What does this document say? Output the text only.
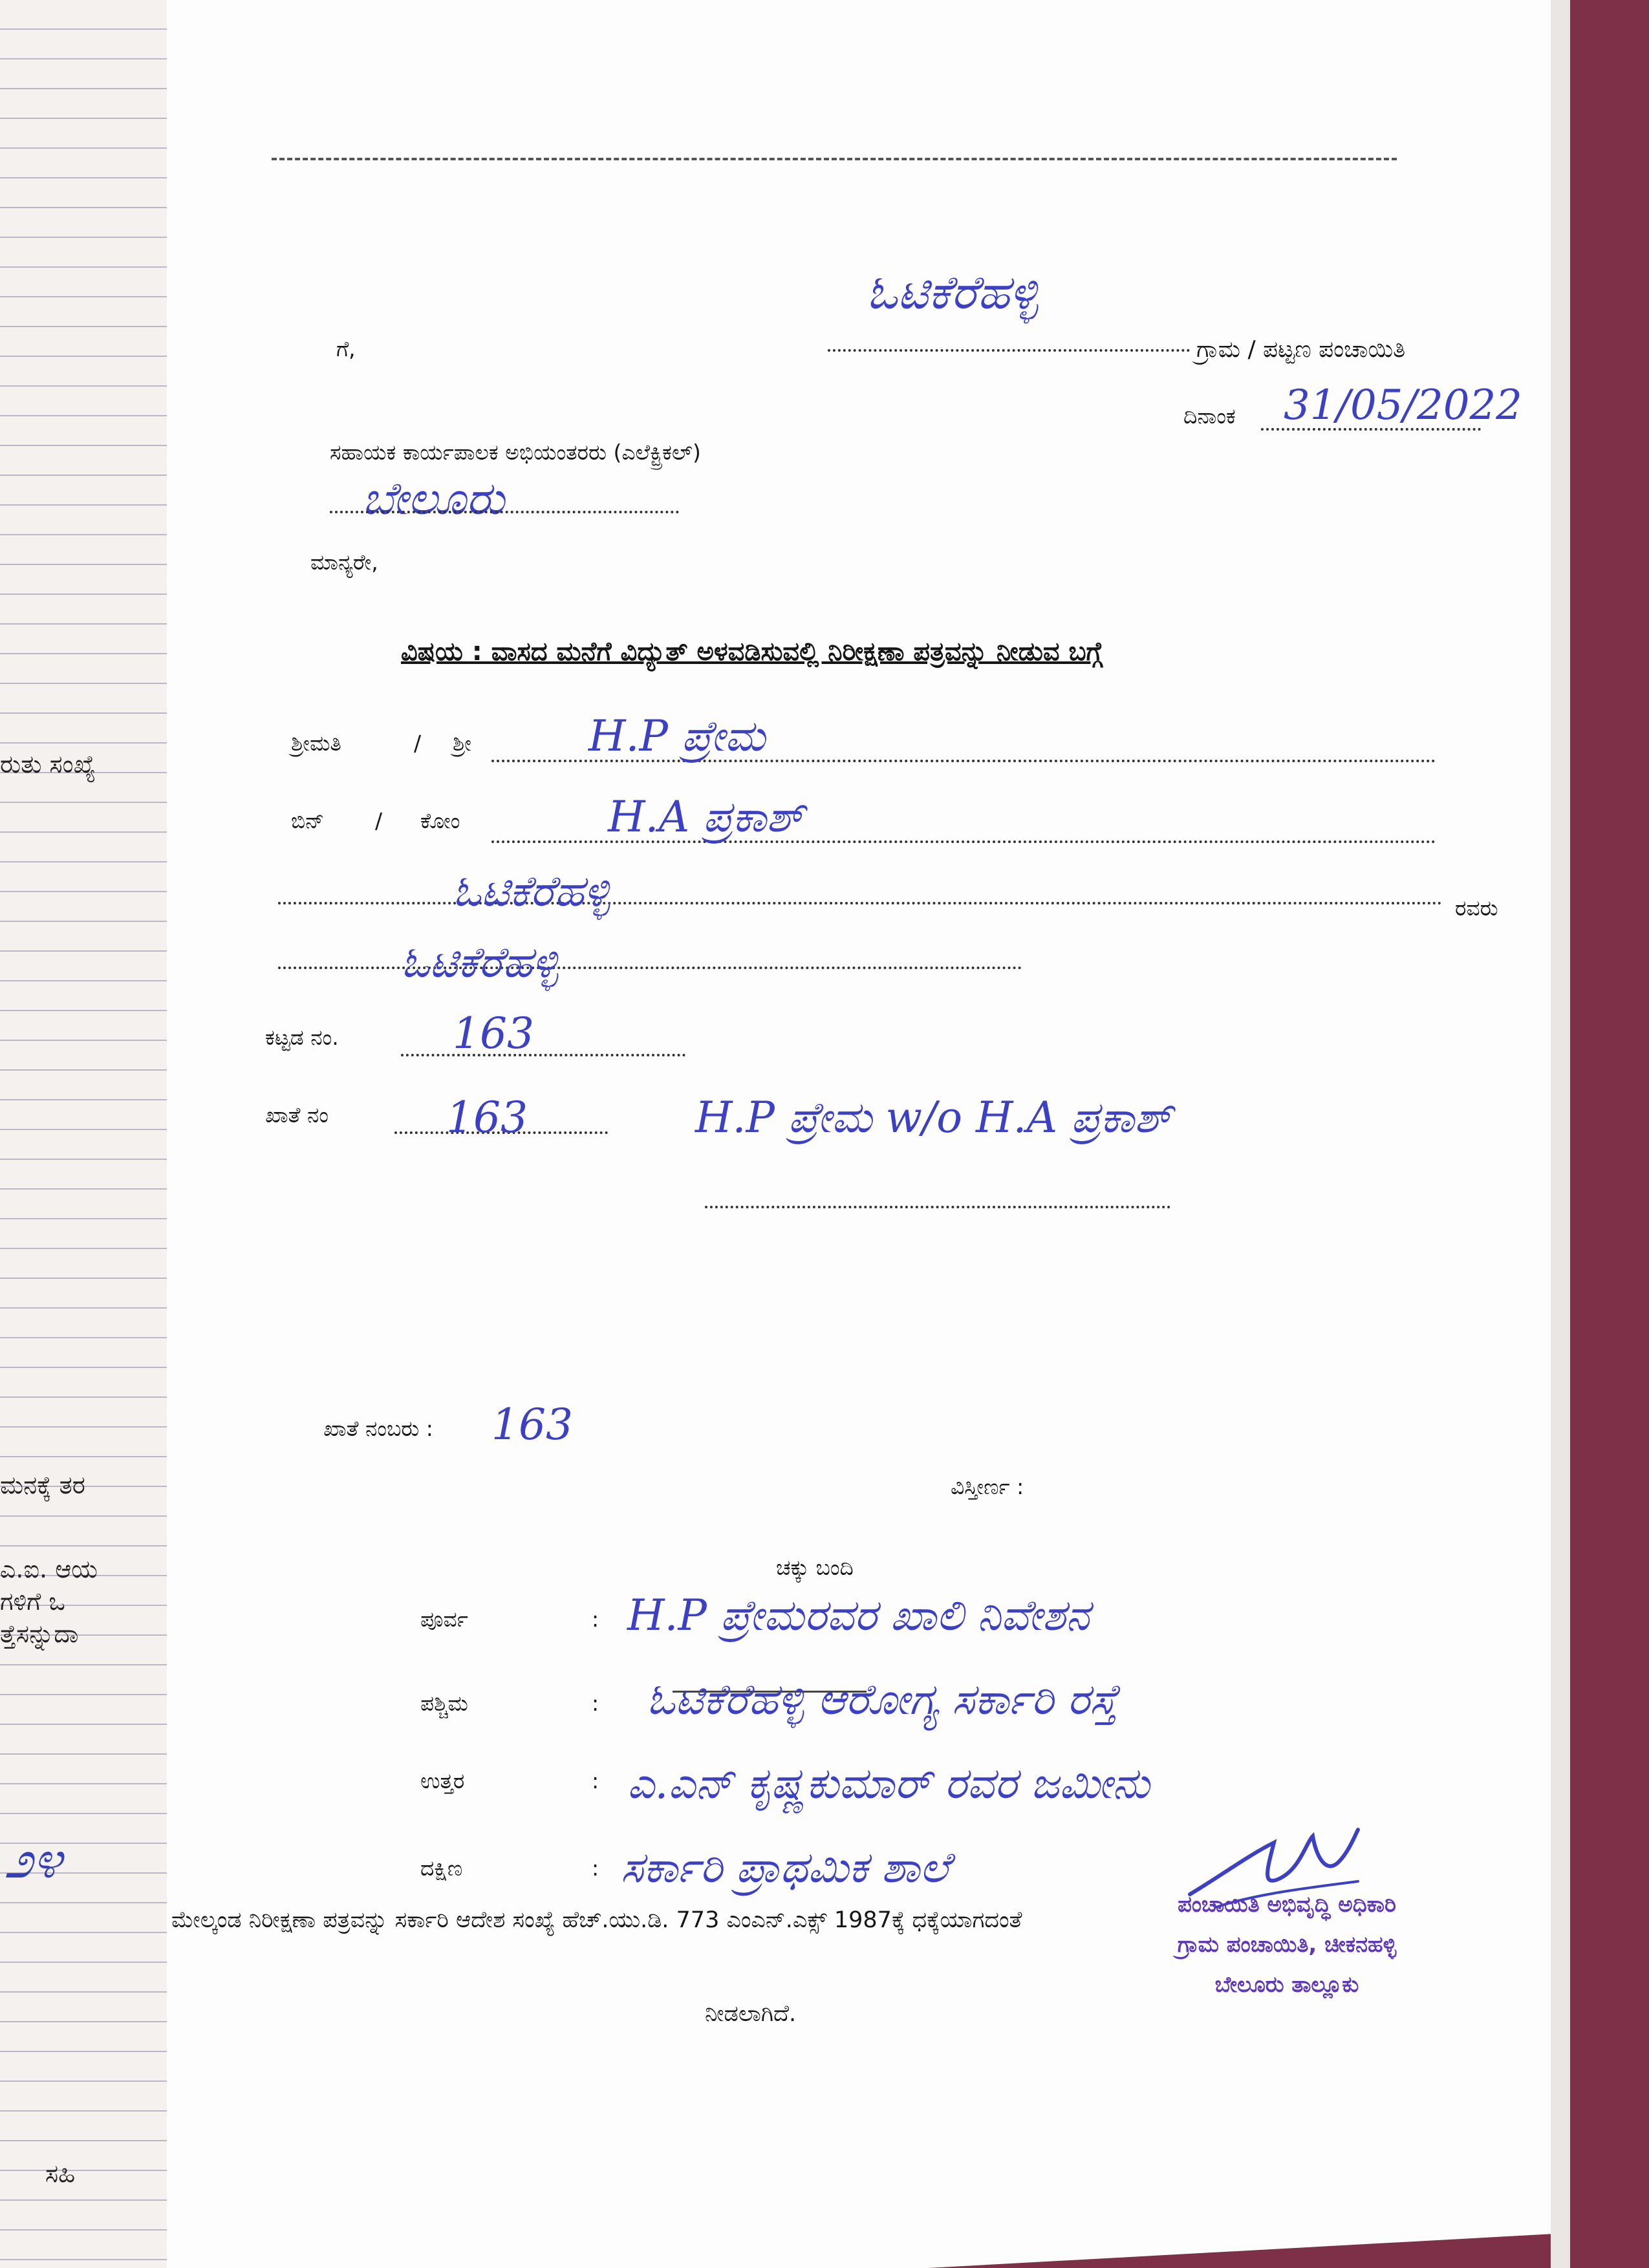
ರುತು ಸಂಖ್ಯೆ
ಮನಕ್ಕೆ ತರ
ಎ.ಐ. ಆಯ
ಗಳಿಗೆ ಒ
ತ್ತೆಸನ್ನುದಾ
೨೪
ಸಹಿ
ಓಟಿಕೆರೆಹಳ್ಳಿ
ಗ್ರಾಮ / ಪಟ್ಟಣ ಪಂಚಾಯಿತಿ
ಗೆ,
ದಿನಾಂಕ 31/05/2022
ಸಹಾಯಕ ಕಾರ್ಯಪಾಲಕ ಅಭಿಯಂತರರು (ಎಲೆಕ್ಟ್ರಿಕಲ್)
ಬೇಲೂರು
ಮಾನ್ಯರೇ,
ವಿಷಯ : ವಾಸದ ಮನೆಗೆ ವಿದ್ಯುತ್ ಅಳವಡಿಸುವಲ್ಲಿ ನಿರೀಕ್ಷಣಾ ಪತ್ರವನ್ನು ನೀಡುವ ಬಗ್ಗೆ
ಶ್ರೀಮತಿ	/ ಶ್ರೀ	H.P ಪ್ರೇಮ
ಬಿನ್ / ಕೋಂ	H.A ಪ್ರಕಾಶ್
ಓಟಿಕೆರೆಹಳ್ಳಿ	ರವರು
ಓಟಿಕೆರೆಹಳ್ಳಿ
ಕಟ್ಟಡ ನಂ.	163
ಖಾತೆ ನಂ	163	H.P ಪ್ರೇಮ w/o H.A ಪ್ರಕಾಶ್
ಖಾತೆ ನಂಬರು : 163
ವಿಸ್ತೀರ್ಣ :
ಚಕ್ಕು ಬಂದಿ
ಪೂರ್ವ	: H.P ಪ್ರೇಮರವರ ಖಾಲಿ ನಿವೇಶನ
ಪಶ್ಚಿಮ	: ಓಟಿಕೆರೆಹಳ್ಳಿ ಆರೋಗ್ಯ ಸರ್ಕಾರಿ ರಸ್ತೆ
ಉತ್ತರ	: ಎ.ಎನ್ ಕೃಷ್ಣಕುಮಾರ್ ರವರ ಜಮೀನು
ದಕ್ಷಿಣ	: ಸರ್ಕಾರಿ ಪ್ರಾಥಮಿಕ ಶಾಲೆ
ಪಂಚಾಯಿತಿ ಅಭಿವೃದ್ಧಿ ಅಧಿಕಾರಿ
ಗ್ರಾಮ ಪಂಚಾಯಿತಿ, ಚೀಕನಹಳ್ಳಿ
ಬೇಲೂರು ತಾಲ್ಲೂಕು
ಮೇಲ್ಕಂಡ ನಿರೀಕ್ಷಣಾ ಪತ್ರವನ್ನು ಸರ್ಕಾರಿ ಆದೇಶ ಸಂಖ್ಯೆ ಹೆಚ್.ಯು.ಡಿ. 773 ಎಂಎನ್.ಎಕ್ಸ್ 1987ಕ್ಕೆ ಧಕ್ಕೆಯಾಗದಂತೆ
ನೀಡಲಾಗಿದೆ.
